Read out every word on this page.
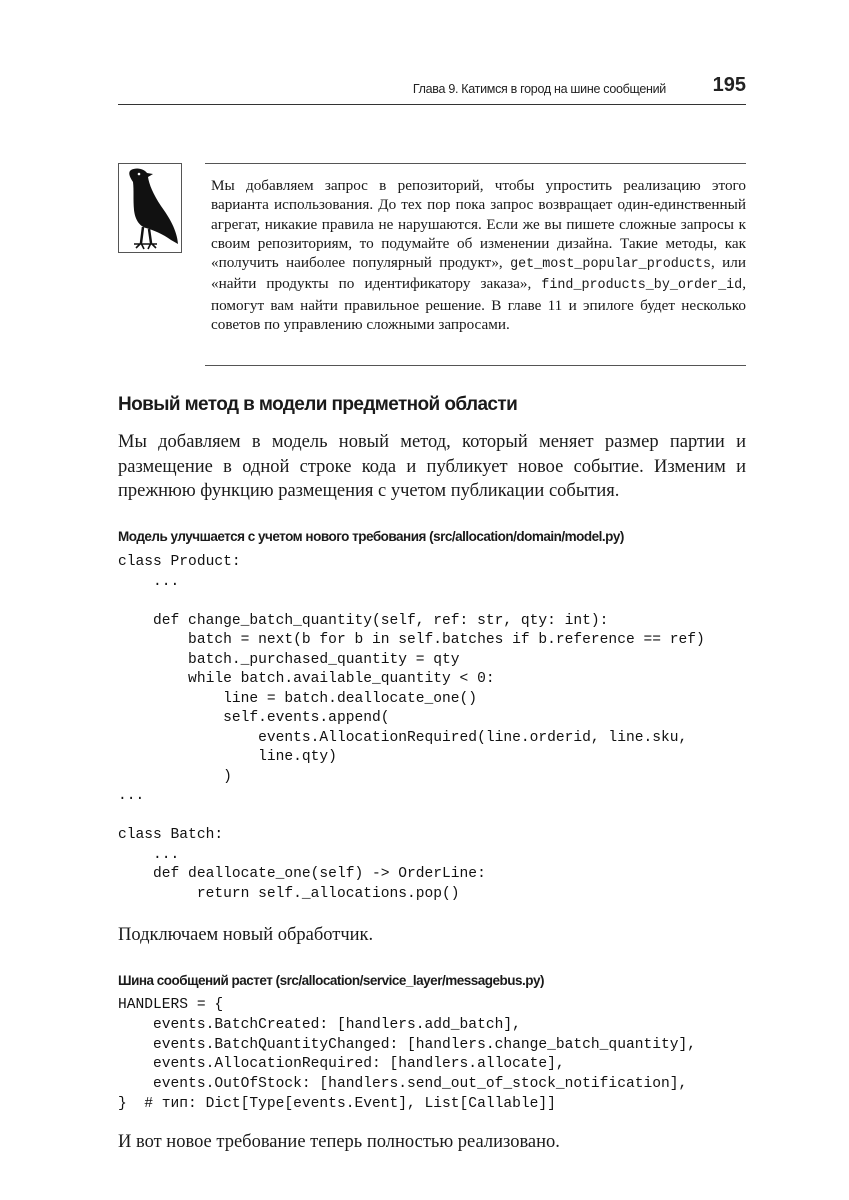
Глава 9. Катимся в город на шине сообщений 195

Мы добавляем запрос в репозиторий, чтобы упростить реализацию этого варианта использования. До тех пор пока запрос возвращает один-единственный агрегат, никакие правила не нарушаются. Если же вы пишете сложные запросы к своим репозиториям, то подумайте об изменении дизайна. Такие методы, как «получить наиболее популярный продукт», get_most_popular_products, или «найти продукты по идентификатору заказа», find_products_by_order_id, помогут вам найти правильное решение. В главе 11 и эпилоге будет несколько советов по управлению сложными запросами.

Новый метод в модели предметной области

Мы добавляем в модель новый метод, который меняет размер партии и размещение в одной строке кода и публикует новое событие. Изменим и прежнюю функцию размещения с учетом публикации события.

Модель улучшается с учетом нового требования (src/allocation/domain/model.py)

class Product:
...
def change_batch_quantity(self, ref: str, qty: int):
batch = next(b for b in self.batches if b.reference == ref)
batch._purchased_quantity = qty
while batch.available_quantity < 0:
line = batch.deallocate_one()
self.events.append(
events.AllocationRequired(line.orderid, line.sku,
line.qty)
)
...
class Batch:
...
def deallocate_one(self) -> OrderLine:
return self._allocations.pop()

Подключаем новый обработчик.

Шина сообщений растет (src/allocation/service_layer/messagebus.py)

HANDLERS = {
events.BatchCreated: [handlers.add_batch],
events.BatchQuantityChanged: [handlers.change_batch_quantity],
events.AllocationRequired: [handlers.allocate],
events.OutOfStock: [handlers.send_out_of_stock_notification],
}  # тип: Dict[Type[events.Event], List[Callable]]

И вот новое требование теперь полностью реализовано.
